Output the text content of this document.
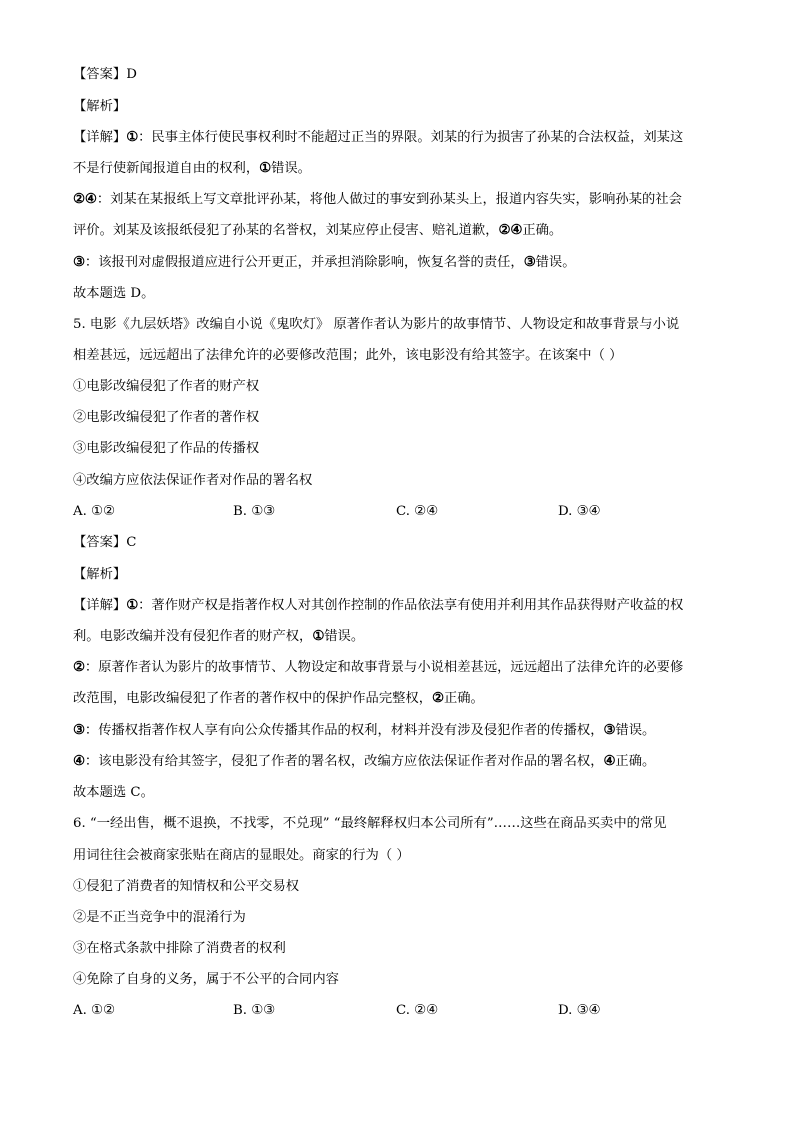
【答案】D
【解析】
【详解】①：民事主体行使民事权利时不能超过正当的界限。刘某的行为损害了孙某的合法权益，刘某这
不是行使新闻报道自由的权利，①错误。
②④：刘某在某报纸上写文章批评孙某，将他人做过的事安到孙某头上，报道内容失实，影响孙某的社会
评价。刘某及该报纸侵犯了孙某的名誉权，刘某应停止侵害、赔礼道歉，②④正确。
③：该报刊对虚假报道应进行公开更正，并承担消除影响，恢复名誉的责任，③错误。
故本题选 D。
5. 电影《九层妖塔》改编自小说《鬼吹灯》 原著作者认为影片的故事情节、人物设定和故事背景与小说
相差甚远，远远超出了法律允许的必要修改范围；此外，该电影没有给其签字。在该案中（ ）
①电影改编侵犯了作者的财产权
②电影改编侵犯了作者的著作权
③电影改编侵犯了作品的传播权
④改编方应依法保证作者对作品的署名权
A. ①②	B. ①③	C. ②④	D. ③④
【答案】C
【解析】
【详解】①：著作财产权是指著作权人对其创作控制的作品依法享有使用并利用其作品获得财产收益的权
利。电影改编并没有侵犯作者的财产权，①错误。
②：原著作者认为影片的故事情节、人物设定和故事背景与小说相差甚远，远远超出了法律允许的必要修
改范围，电影改编侵犯了作者的著作权中的保护作品完整权，②正确。
③：传播权指著作权人享有向公众传播其作品的权利，材料并没有涉及侵犯作者的传播权，③错误。
④：该电影没有给其签字，侵犯了作者的署名权，改编方应依法保证作者对作品的署名权，④正确。
故本题选 C。
6. “一经出售，概不退换，不找零，不兑现” “最终解释权归本公司所有”……这些在商品买卖中的常见
用词往往会被商家张贴在商店的显眼处。商家的行为（ ）
①侵犯了消费者的知情权和公平交易权
②是不正当竞争中的混淆行为
③在格式条款中排除了消费者的权利
④免除了自身的义务，属于不公平的合同内容
A. ①②	B. ①③	C. ②④	D. ③④
